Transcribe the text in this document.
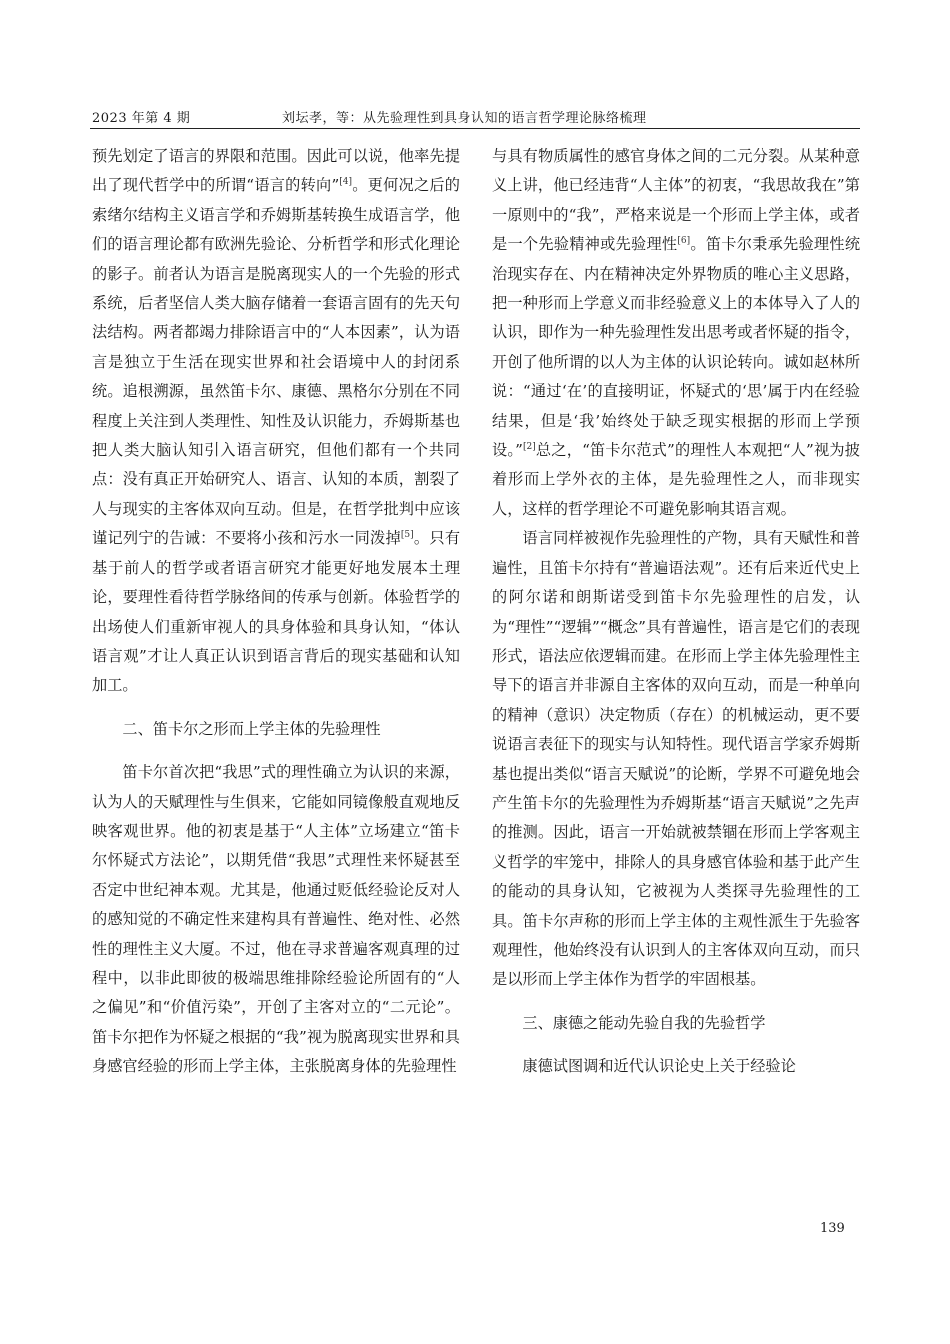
2023 年第 4 期	刘坛孝，等：从先验理性到具身认知的语言哲学理论脉络梳理

预先划定了语言的界限和范围。因此可以说，他率先提出了现代哲学中的所谓“语言的转向”[4]。更何况之后的索绪尔结构主义语言学和乔姆斯基转换生成语言学，他们的语言理论都有欧洲先验论、分析哲学和形式化理论的影子。前者认为语言是脱离现实人的一个先验的形式系统，后者坚信人类大脑存储着一套语言固有的先天句法结构。两者都竭力排除语言中的“人本因素”，认为语言是独立于生活在现实世界和社会语境中人的封闭系统。追根溯源，虽然笛卡尔、康德、黑格尔分别在不同程度上关注到人类理性、知性及认识能力，乔姆斯基也把人类大脑认知引入语言研究，但他们都有一个共同点：没有真正开始研究人、语言、认知的本质，割裂了人与现实的主客体双向互动。但是，在哲学批判中应该谨记列宁的告诫：不要将小孩和污水一同泼掉[5]。只有基于前人的哲学或者语言研究才能更好地发展本土理论，要理性看待哲学脉络间的传承与创新。体验哲学的出场使人们重新审视人的具身体验和具身认知，“体认语言观”才让人真正认识到语言背后的现实基础和认知加工。

二、笛卡尔之形而上学主体的先验理性

笛卡尔首次把“我思”式的理性确立为认识的来源，认为人的天赋理性与生俱来，它能如同镜像般直观地反映客观世界。他的初衷是基于“人主体”立场建立“笛卡尔怀疑式方法论”，以期凭借“我思”式理性来怀疑甚至否定中世纪神本观。尤其是，他通过贬低经验论反对人的感知觉的不确定性来建构具有普遍性、绝对性、必然性的理性主义大厦。不过，他在寻求普遍客观真理的过程中，以非此即彼的极端思维排除经验论所固有的“人之偏见”和“价值污染”，开创了主客对立的“二元论”。笛卡尔把作为怀疑之根据的“我”视为脱离现实世界和具身感官经验的形而上学主体，主张脱离身体的先验理性

与具有物质属性的感官身体之间的二元分裂。从某种意义上讲，他已经违背“人主体”的初衷，“我思故我在”第一原则中的“我”，严格来说是一个形而上学主体，或者是一个先验精神或先验理性[6]。笛卡尔秉承先验理性统治现实存在、内在精神决定外界物质的唯心主义思路，把一种形而上学意义而非经验意义上的本体导入了人的认识，即作为一种先验理性发出思考或者怀疑的指令，开创了他所谓的以人为主体的认识论转向。诚如赵林所说：“通过‘在’的直接明证，怀疑式的‘思’属于内在经验结果，但是‘我’始终处于缺乏现实根据的形而上学预设。”[2]总之，“笛卡尔范式”的理性人本观把“人”视为披着形而上学外衣的主体，是先验理性之人，而非现实人，这样的哲学理论不可避免影响其语言观。

语言同样被视作先验理性的产物，具有天赋性和普遍性，且笛卡尔持有“普遍语法观”。还有后来近代史上的阿尔诺和朗斯诺受到笛卡尔先验理性的启发，认为“理性”“逻辑”“概念”具有普遍性，语言是它们的表现形式，语法应依逻辑而建。在形而上学主体先验理性主导下的语言并非源自主客体的双向互动，而是一种单向的精神（意识）决定物质（存在）的机械运动，更不要说语言表征下的现实与认知特性。现代语言学家乔姆斯基也提出类似“语言天赋说”的论断，学界不可避免地会产生笛卡尔的先验理性为乔姆斯基“语言天赋说”之先声的推测。因此，语言一开始就被禁锢在形而上学客观主义哲学的牢笼中，排除人的具身感官体验和基于此产生的能动的具身认知，它被视为人类探寻先验理性的工具。笛卡尔声称的形而上学主体的主观性派生于先验客观理性，他始终没有认识到人的主客体双向互动，而只是以形而上学主体作为哲学的牢固根基。

三、康德之能动先验自我的先验哲学

康德试图调和近代认识论史上关于经验论

139
